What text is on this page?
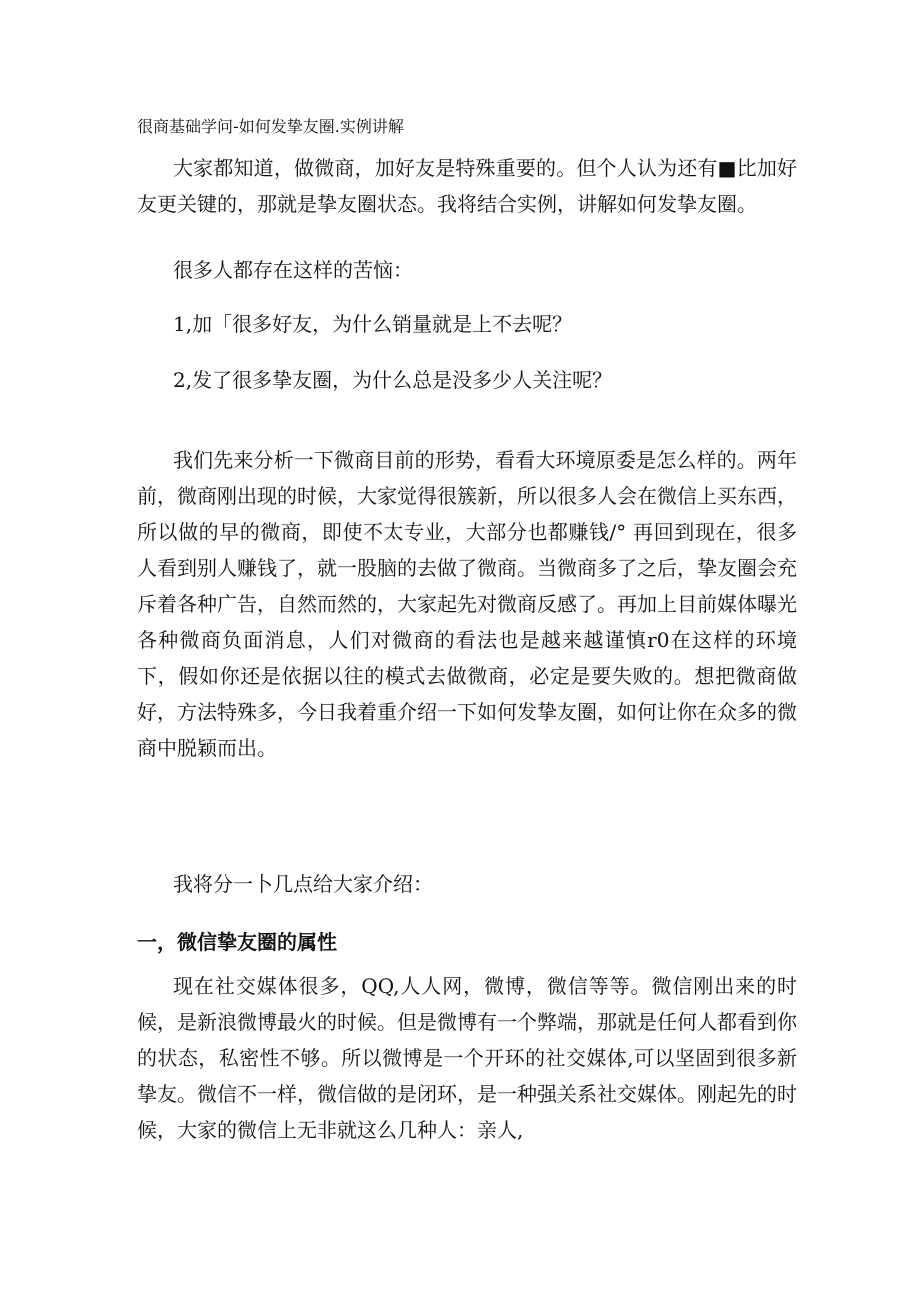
很商基础学问-如何发挚友圈.实例讲解

大家都知道，做微商，加好友是特殊重要的。但个人认为还有■比加好友更关键的，那就是挚友圈状态。我将结合实例，讲解如何发挚友圈。

很多人都存在这样的苦恼：

1,加「很多好友，为什么销量就是上不去呢？

2,发了很多挚友圈，为什么总是没多少人关注呢？

我们先来分析一下微商目前的形势，看看大环境原委是怎么样的。两年前，微商刚出现的时候，大家觉得很簇新，所以很多人会在微信上买东西，所以做的早的微商，即使不太专业，大部分也都赚钱/° 再回到现在，很多人看到别人赚钱了，就一股脑的去做了微商。当微商多了之后，挚友圈会充斥着各种广告，自然而然的，大家起先对微商反感了。再加上目前媒体曝光各种微商负面消息，人们对微商的看法也是越来越谨慎r0在这样的环境下，假如你还是依据以往的模式去做微商，必定是要失败的。想把微商做好，方法特殊多，今日我着重介绍一下如何发挚友圈，如何让你在众多的微商中脱颖而出。

我将分一卜几点给大家介绍：

一，微信挚友圈的属性

现在社交媒体很多，QQ,人人网，微博，微信等等。微信刚出来的时候，是新浪微博最火的时候。但是微博有一个弊端，那就是任何人都看到你的状态，私密性不够。所以微博是一个开环的社交媒体,可以坚固到很多新挚友。微信不一样，微信做的是闭环，是一种强关系社交媒体。刚起先的时候，大家的微信上无非就这么几种人：亲人,
